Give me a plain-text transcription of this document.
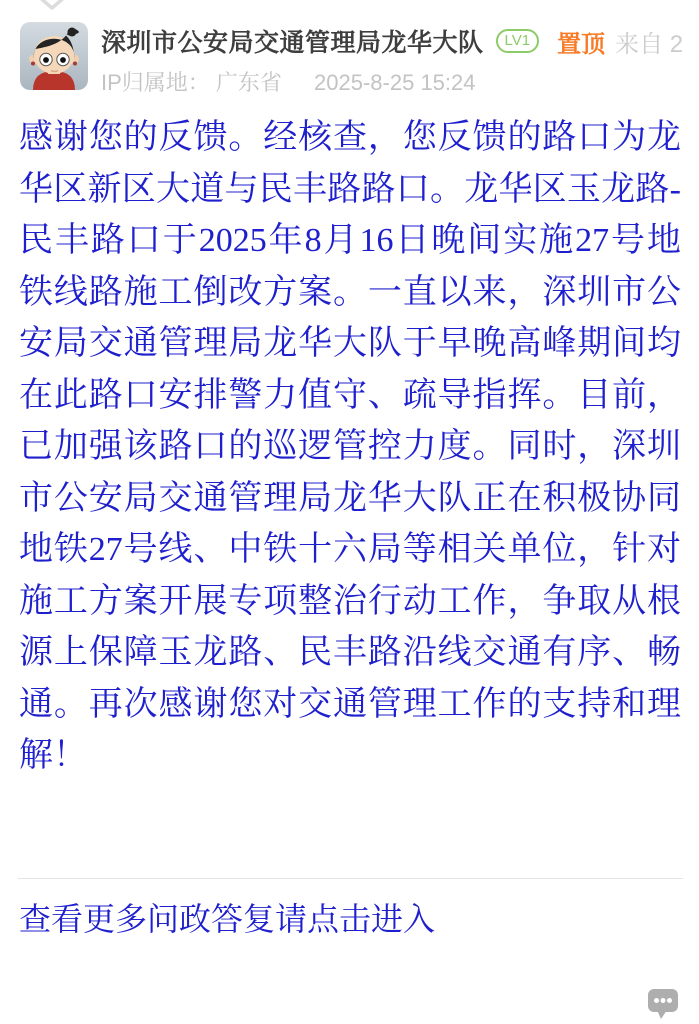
深圳市公安局交通管理局龙华大队	LV1	置顶 来自 2
IP归属地： 广东省 2025-8-25 15:24
感谢您的反馈。经核查，您反馈的路口为龙华区新区大道与民丰路路口。龙华区玉龙路-民丰路口于2025年8月16日晚间实施27号地铁线路施工倒改方案。一直以来，深圳市公安局交通管理局龙华大队于早晚高峰期间均在此路口安排警力值守、疏导指挥。目前，已加强该路口的巡逻管控力度。同时，深圳市公安局交通管理局龙华大队正在积极协同地铁27号线、中铁十六局等相关单位，针对施工方案开展专项整治行动工作，争取从根源上保障玉龙路、民丰路沿线交通有序、畅通。再次感谢您对交通管理工作的支持和理解！
查看更多问政答复请点击进入
